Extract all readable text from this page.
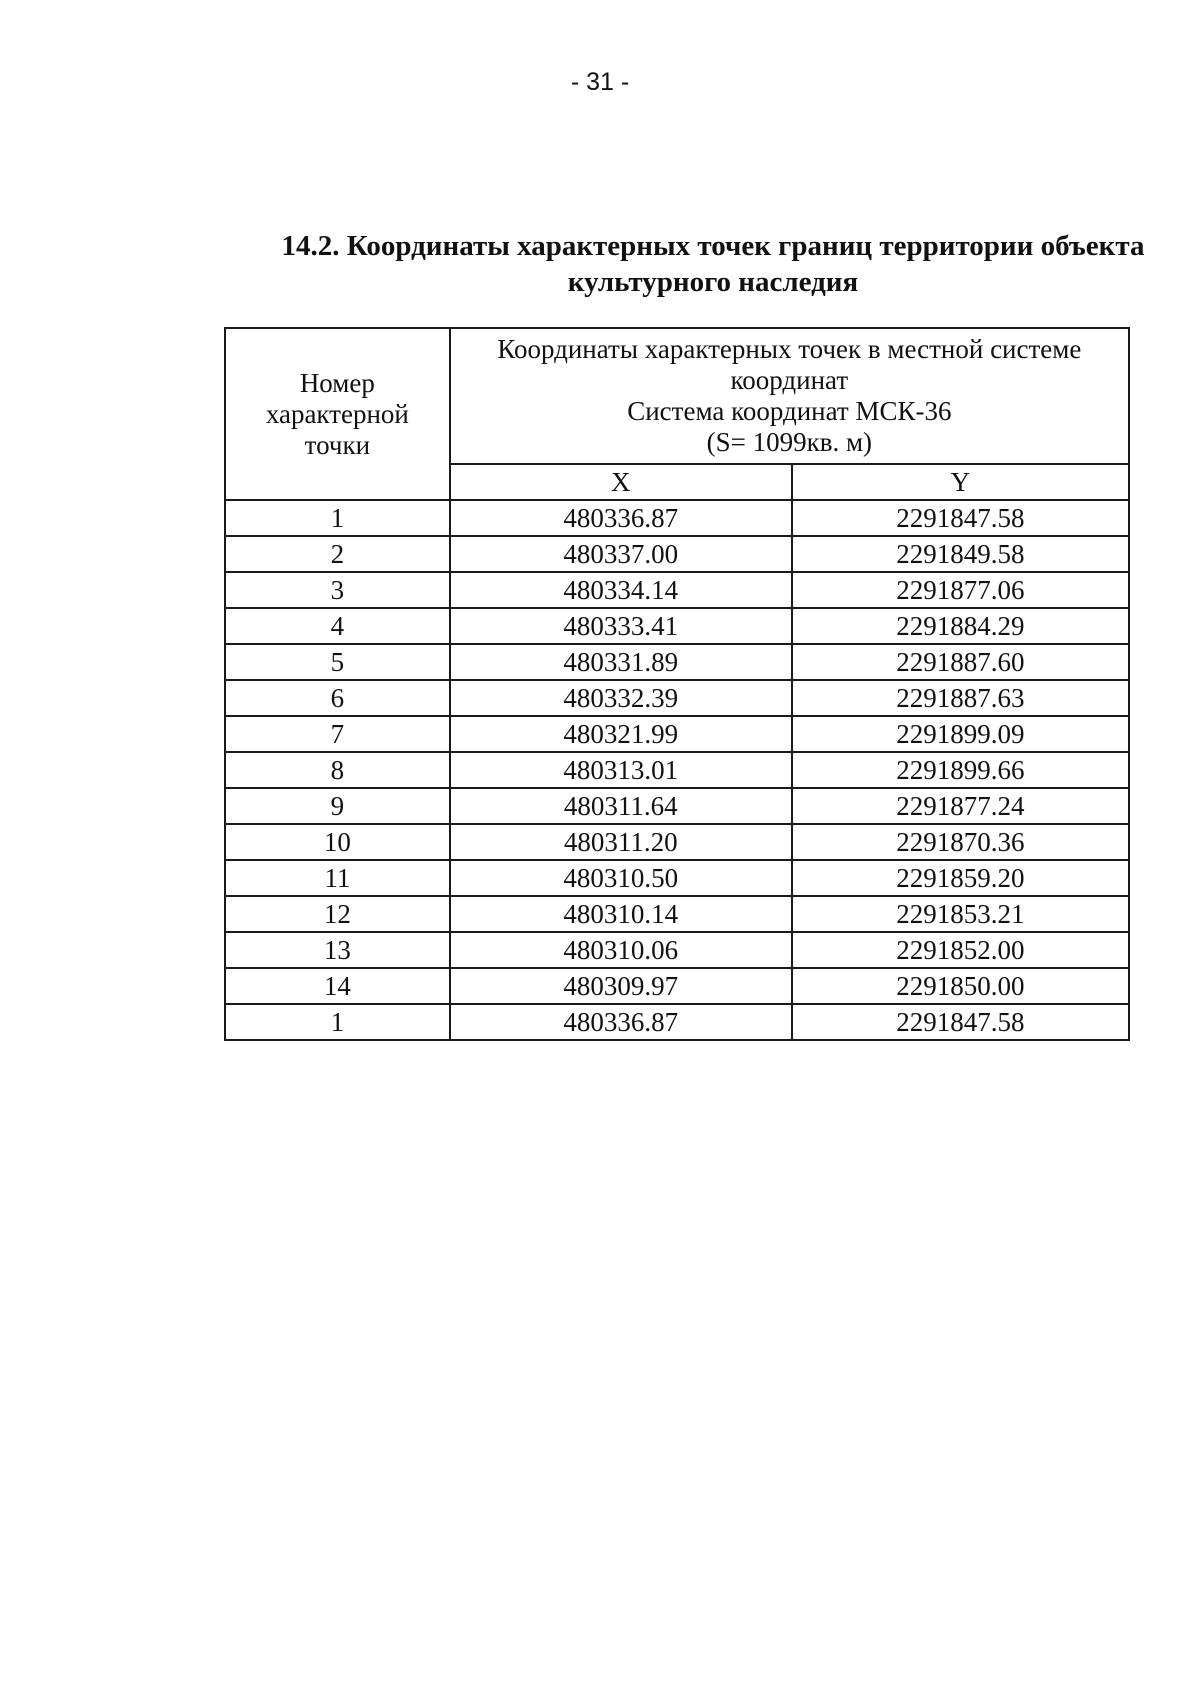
- 31 -
14.2. Координаты характерных точек границ территории объекта
культурного наследия
Номер
характерной
точки	Координаты характерных точек в местной системе
координат
Система координат МСК-36
(S= 1099кв. м)	

	X	Y
1	480336.87	2291847.58
2	480337.00	2291849.58
3	480334.14	2291877.06
4	480333.41	2291884.29
5	480331.89	2291887.60
6	480332.39	2291887.63
7	480321.99	2291899.09
8	480313.01	2291899.66
9	480311.64	2291877.24
10	480311.20	2291870.36
11	480310.50	2291859.20
12	480310.14	2291853.21
13	480310.06	2291852.00
14	480309.97	2291850.00
1	480336.87	2291847.58
